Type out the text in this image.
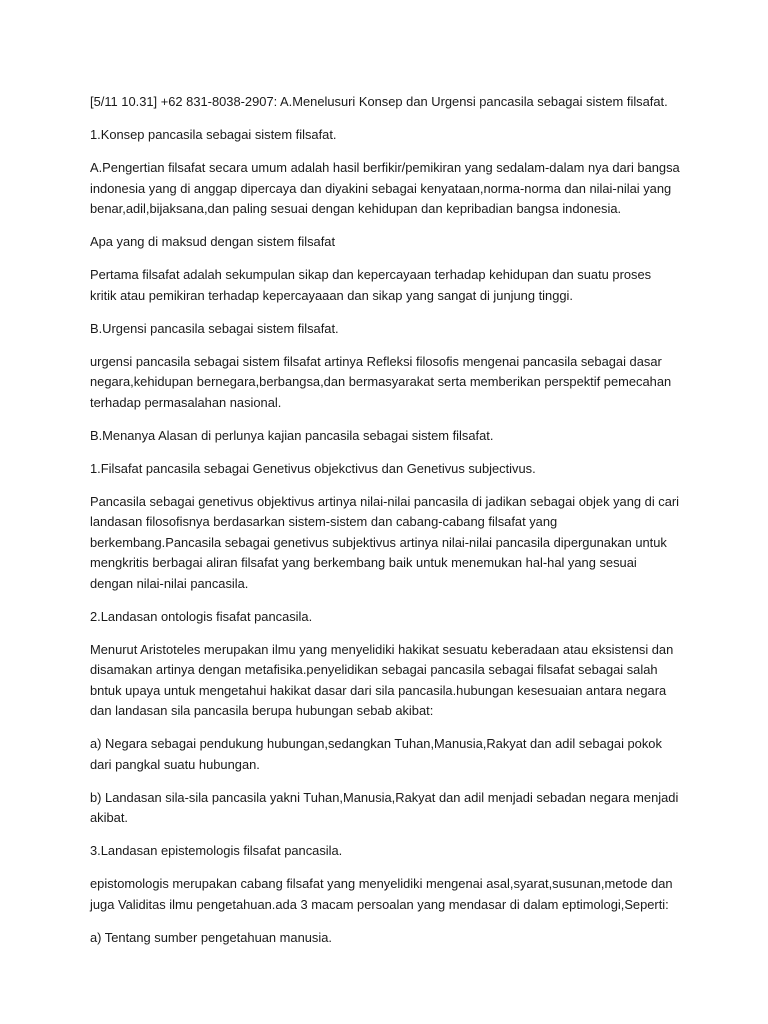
[5/11 10.31] +62 831-8038-2907: A.Menelusuri Konsep dan Urgensi pancasila sebagai sistem filsafat.

1.Konsep pancasila sebagai sistem filsafat.

A.Pengertian filsafat secara umum adalah hasil berfikir/pemikiran yang sedalam-dalam nya dari bangsa indonesia yang di anggap dipercaya dan diyakini sebagai kenyataan,norma-norma dan nilai-nilai yang benar,adil,bijaksana,dan paling sesuai dengan kehidupan dan kepribadian bangsa indonesia.

Apa yang di maksud dengan sistem filsafat

Pertama filsafat adalah sekumpulan sikap dan kepercayaan terhadap kehidupan dan suatu proses kritik atau pemikiran terhadap kepercayaaan dan sikap yang sangat di junjung tinggi.

B.Urgensi pancasila sebagai sistem filsafat.

urgensi pancasila sebagai sistem filsafat artinya Refleksi filosofis mengenai pancasila sebagai dasar negara,kehidupan bernegara,berbangsa,dan bermasyarakat serta memberikan perspektif pemecahan terhadap permasalahan nasional.

B.Menanya Alasan di perlunya kajian pancasila sebagai sistem filsafat.

1.Filsafat pancasila sebagai Genetivus objekctivus dan Genetivus subjectivus.

Pancasila sebagai genetivus objektivus artinya nilai-nilai pancasila di jadikan sebagai objek yang di cari landasan filosofisnya berdasarkan sistem-sistem dan cabang-cabang filsafat yang berkembang.Pancasila sebagai genetivus subjektivus artinya nilai-nilai pancasila dipergunakan untuk mengkritis berbagai aliran filsafat yang berkembang baik untuk menemukan hal-hal yang sesuai dengan nilai-nilai pancasila.

2.Landasan ontologis fisafat pancasila.

Menurut Aristoteles merupakan ilmu yang menyelidiki hakikat sesuatu keberadaan atau eksistensi dan disamakan artinya dengan metafisika.penyelidikan sebagai pancasila sebagai filsafat sebagai salah bntuk upaya untuk mengetahui hakikat dasar dari sila pancasila.hubungan kesesuaian antara negara dan landasan sila pancasila berupa hubungan sebab akibat:

a) Negara sebagai pendukung hubungan,sedangkan Tuhan,Manusia,Rakyat dan adil sebagai pokok dari pangkal suatu hubungan.

b) Landasan sila-sila pancasila yakni Tuhan,Manusia,Rakyat dan adil menjadi sebadan negara menjadi akibat.

3.Landasan epistemologis filsafat pancasila.

epistomologis merupakan cabang filsafat yang menyelidiki mengenai asal,syarat,susunan,metode dan juga Validitas ilmu pengetahuan.ada 3 macam persoalan yang mendasar di dalam eptimologi,Seperti:

a) Tentang sumber pengetahuan manusia.
